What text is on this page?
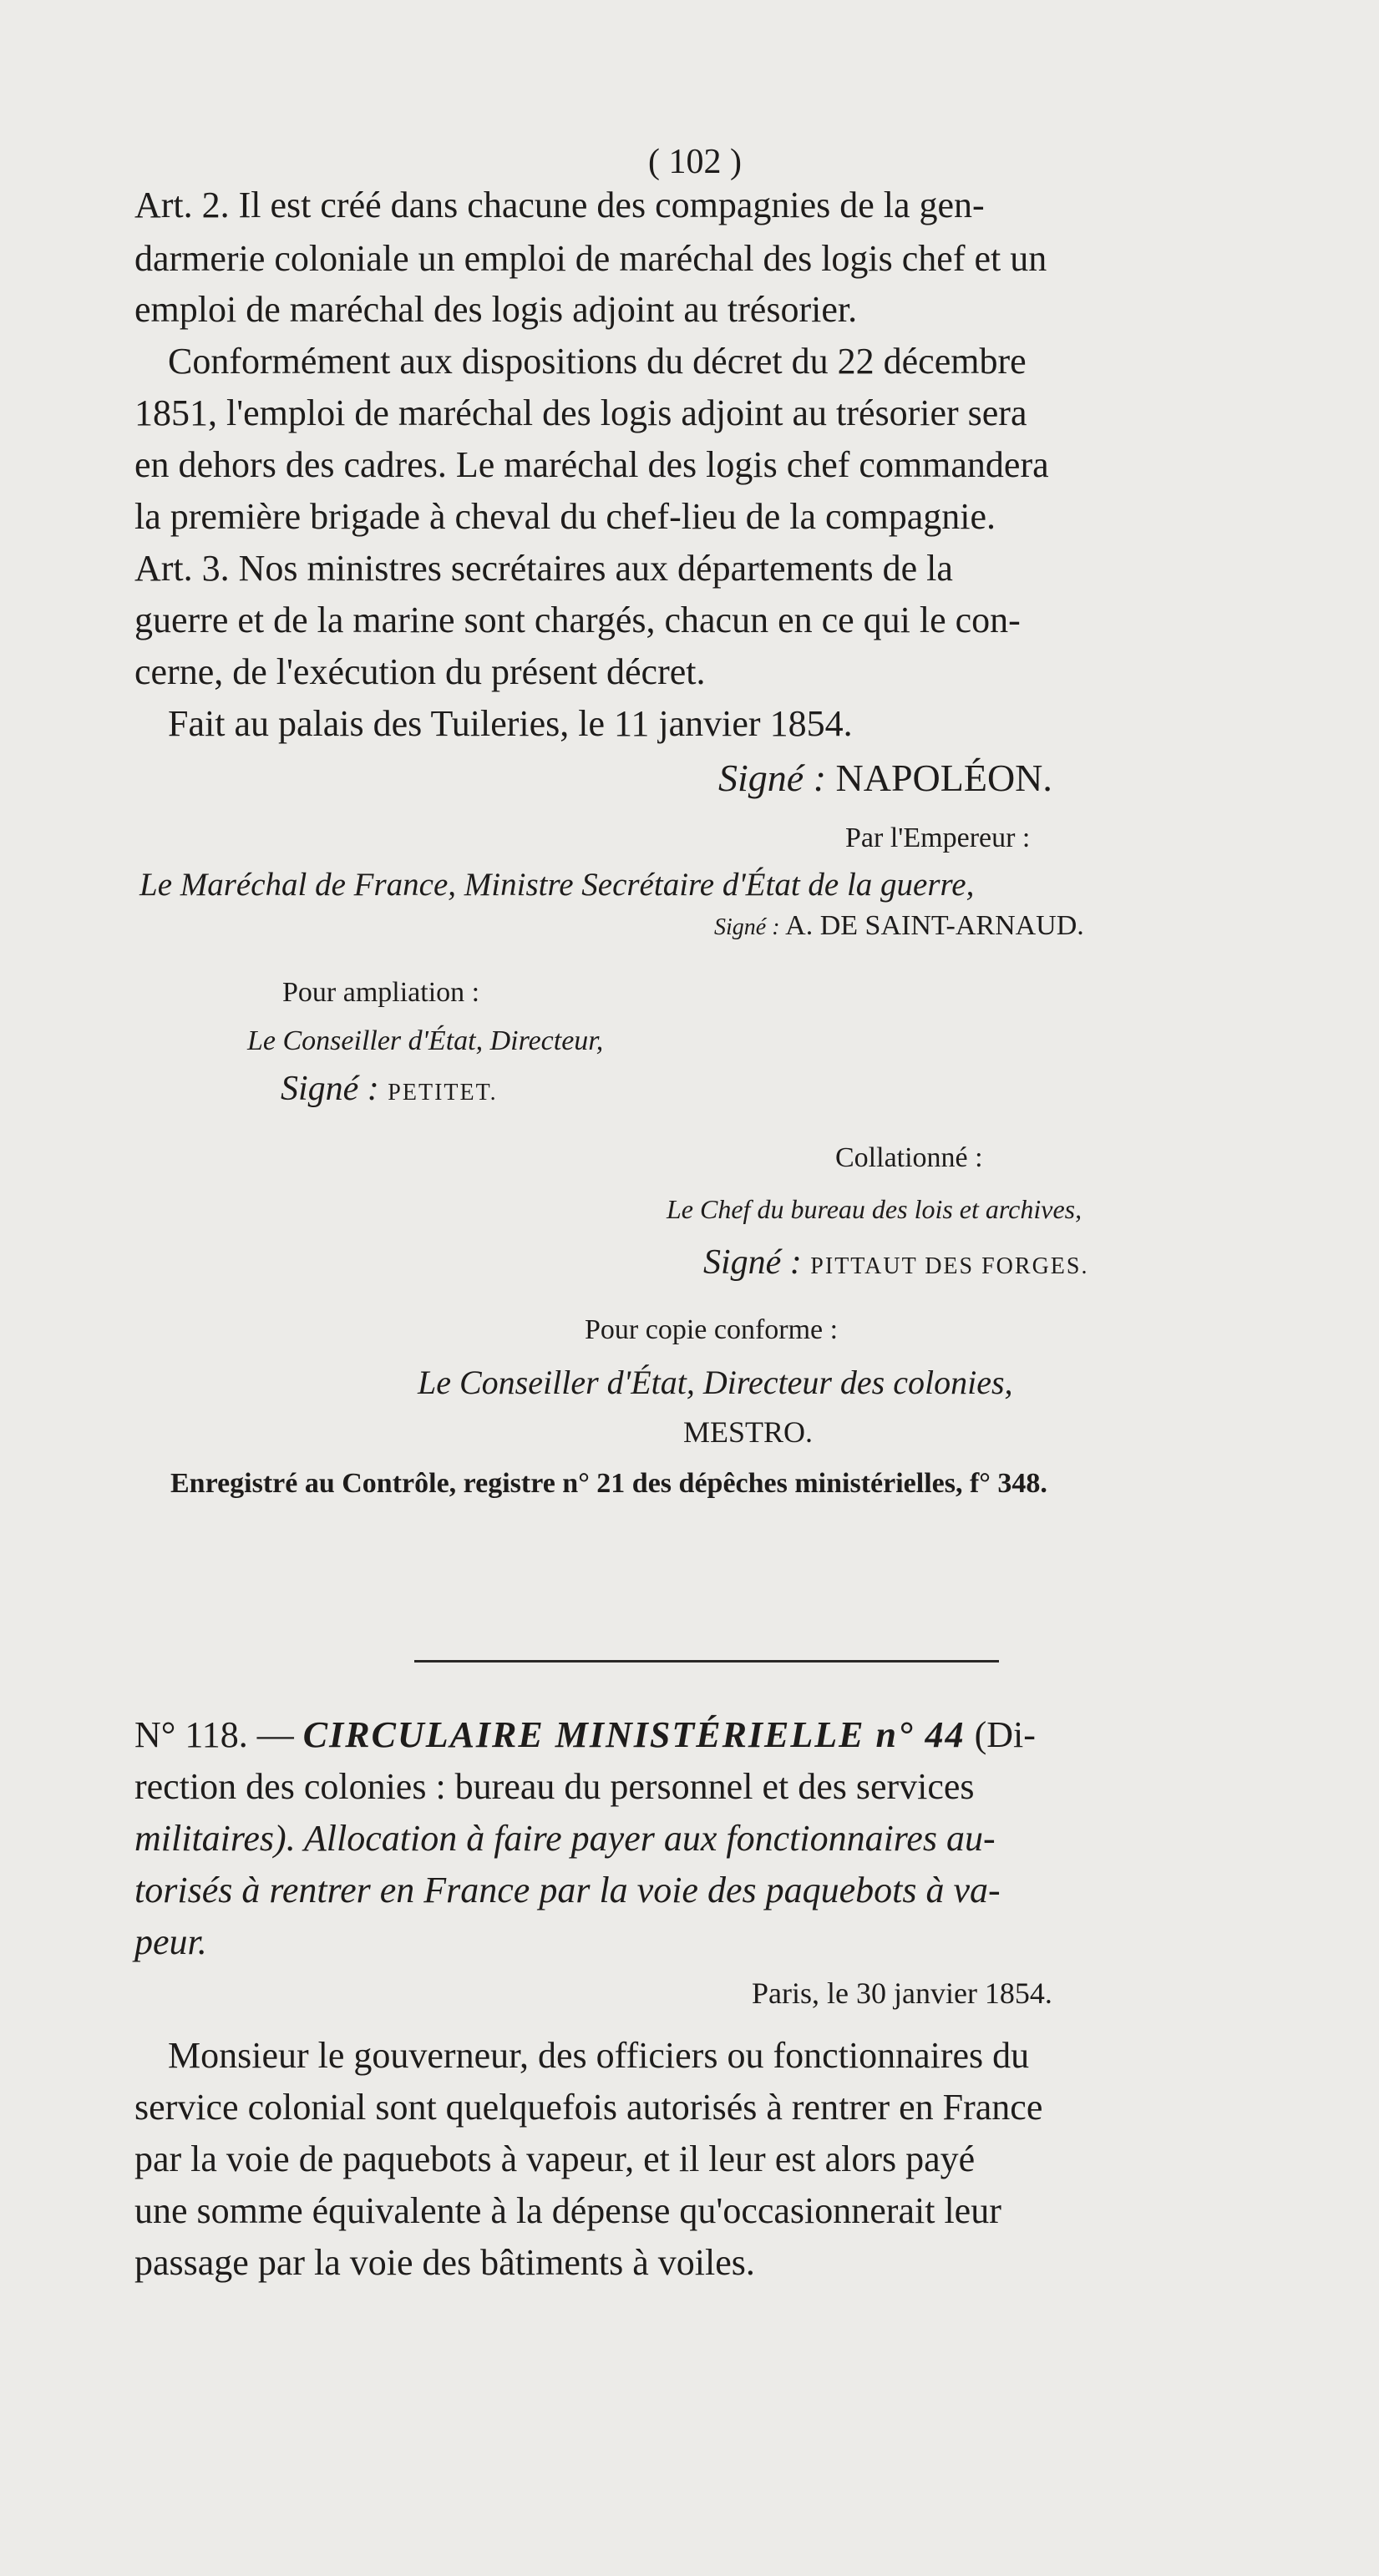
( 102 )
Art. 2. Il est créé dans chacune des compagnies de la gen-
darmerie coloniale un emploi de maréchal des logis chef et un
emploi de maréchal des logis adjoint au trésorier.
Conformément aux dispositions du décret du 22 décembre
1851, l'emploi de maréchal des logis adjoint au trésorier sera
en dehors des cadres. Le maréchal des logis chef commandera
la première brigade à cheval du chef-lieu de la compagnie.
Art. 3. Nos ministres secrétaires aux départements de la
guerre et de la marine sont chargés, chacun en ce qui le con-
cerne, de l'exécution du présent décret.
Fait au palais des Tuileries, le 11 janvier 1854.
Signé : NAPOLÉON.
Par l'Empereur :
Le Maréchal de France, Ministre Secrétaire d'État de la guerre,
Signé : A. DE SAINT-ARNAUD.
Pour ampliation :
Le Conseiller d'État, Directeur,
Signé : PETITET.
Collationné :
Le Chef du bureau des lois et archives,
Signé : PITTAUT DES FORGES.
Pour copie conforme :
Le Conseiller d'État, Directeur des colonies,
MESTRO.
Enregistré au Contrôle, registre n° 21 des dépêches ministérielles, f° 348.
N° 118. — CIRCULAIRE MINISTÉRIELLE n° 44 (Di-
rection des colonies : bureau du personnel et des services
militaires). Allocation à faire payer aux fonctionnaires au-
torisés à rentrer en France par la voie des paquebots à va-
peur.
Paris, le 30 janvier 1854.
Monsieur le gouverneur, des officiers ou fonctionnaires du
service colonial sont quelquefois autorisés à rentrer en France
par la voie de paquebots à vapeur, et il leur est alors payé
une somme équivalente à la dépense qu'occasionnerait leur
passage par la voie des bâtiments à voiles.
